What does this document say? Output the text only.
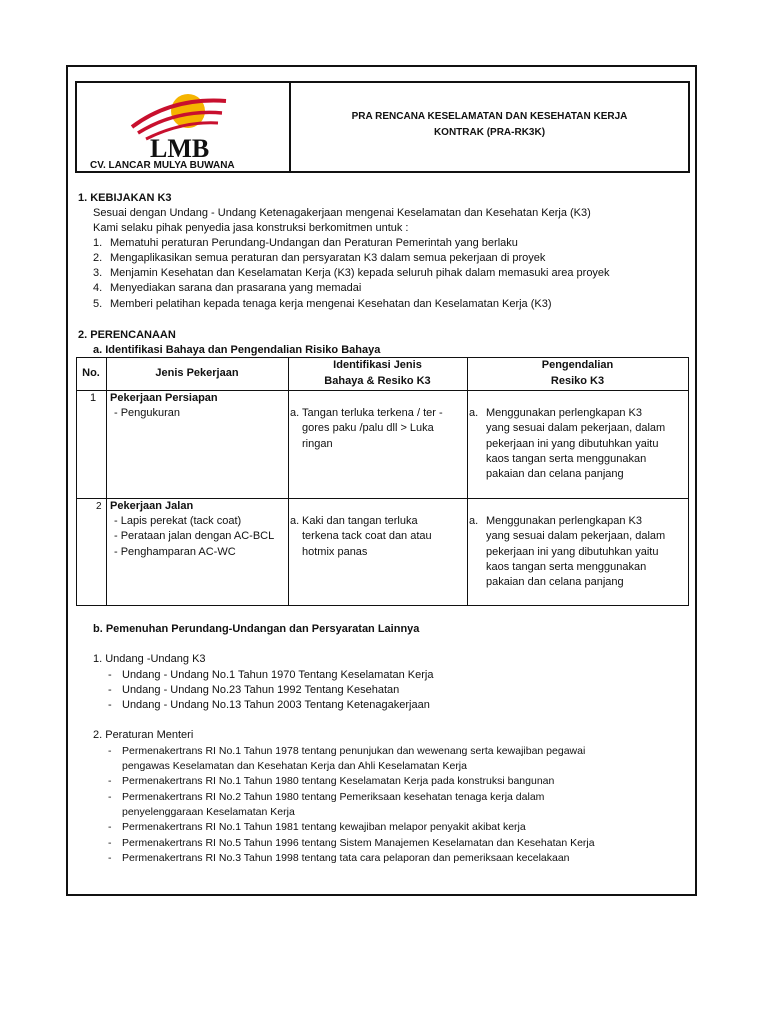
LMB
CV. LANCAR MULYA BUWANA
PRA RENCANA KESELAMATAN DAN KESEHATAN KERJA
KONTRAK (PRA-RK3K)
1. KEBIJAKAN K3
Sesuai dengan Undang - Undang Ketenagakerjaan mengenai Keselamatan dan Kesehatan Kerja (K3)
Kami selaku pihak penyedia jasa konstruksi berkomitmen untuk :
1. Mematuhi peraturan Perundang-Undangan dan Peraturan Pemerintah yang berlaku
2. Mengaplikasikan semua peraturan dan persyaratan K3 dalam semua pekerjaan di proyek
3. Menjamin Kesehatan dan Keselamatan Kerja (K3) kepada seluruh pihak dalam memasuki area proyek
4. Menyediakan sarana dan prasarana yang memadai
5. Memberi pelatihan kepada tenaga kerja mengenai Kesehatan dan Keselamatan Kerja (K3)
2. PERENCANAAN
a. Identifikasi Bahaya dan Pengendalian Risiko Bahaya
No.	Jenis Pekerjaan
Identifikasi Jenis
Bahaya & Resiko K3
Pengendalian
Resiko K3
1 Pekerjaan Persiapan
- Pengukuran	a. Tangan terluka terkena / ter -
gores paku /palu dll > Luka
ringan
a. Menggunakan perlengkapan K3
yang sesuai dalam pekerjaan, dalam
pekerjaan ini yang dibutuhkan yaitu
kaos tangan serta menggunakan
pakaian dan celana panjang
2 Pekerjaan Jalan
- Lapis perekat (tack coat)
- Perataan jalan dengan AC-BCL
- Penghamparan AC-WC
a. Kaki dan tangan terluka
terkena tack coat dan atau
hotmix panas
a. Menggunakan perlengkapan K3
yang sesuai dalam pekerjaan, dalam
pekerjaan ini yang dibutuhkan yaitu
kaos tangan serta menggunakan
pakaian dan celana panjang
b. Pemenuhan Perundang-Undangan dan Persyaratan Lainnya
1. Undang -Undang K3
- Undang - Undang No.1 Tahun 1970 Tentang Keselamatan Kerja
- Undang - Undang No.23 Tahun 1992 Tentang Kesehatan
- Undang - Undang No.13 Tahun 2003 Tentang Ketenagakerjaan
2. Peraturan Menteri
- Permenakertrans RI No.1 Tahun 1978 tentang penunjukan dan wewenang serta kewajiban pegawai
pengawas Keselamatan dan Kesehatan Kerja dan Ahli Keselamatan Kerja
- Permenakertrans RI No.1 Tahun 1980 tentang Keselamatan Kerja pada konstruksi bangunan
- Permenakertrans RI No.2 Tahun 1980 tentang Pemeriksaan kesehatan tenaga kerja dalam
penyelenggaraan Keselamatan Kerja
- Permenakertrans RI No.1 Tahun 1981 tentang kewajiban melapor penyakit akibat kerja
- Permenakertrans RI No.5 Tahun 1996 tentang Sistem Manajemen Keselamatan dan Kesehatan Kerja
- Permenakertrans RI No.3 Tahun 1998 tentang tata cara pelaporan dan pemeriksaan kecelakaan
